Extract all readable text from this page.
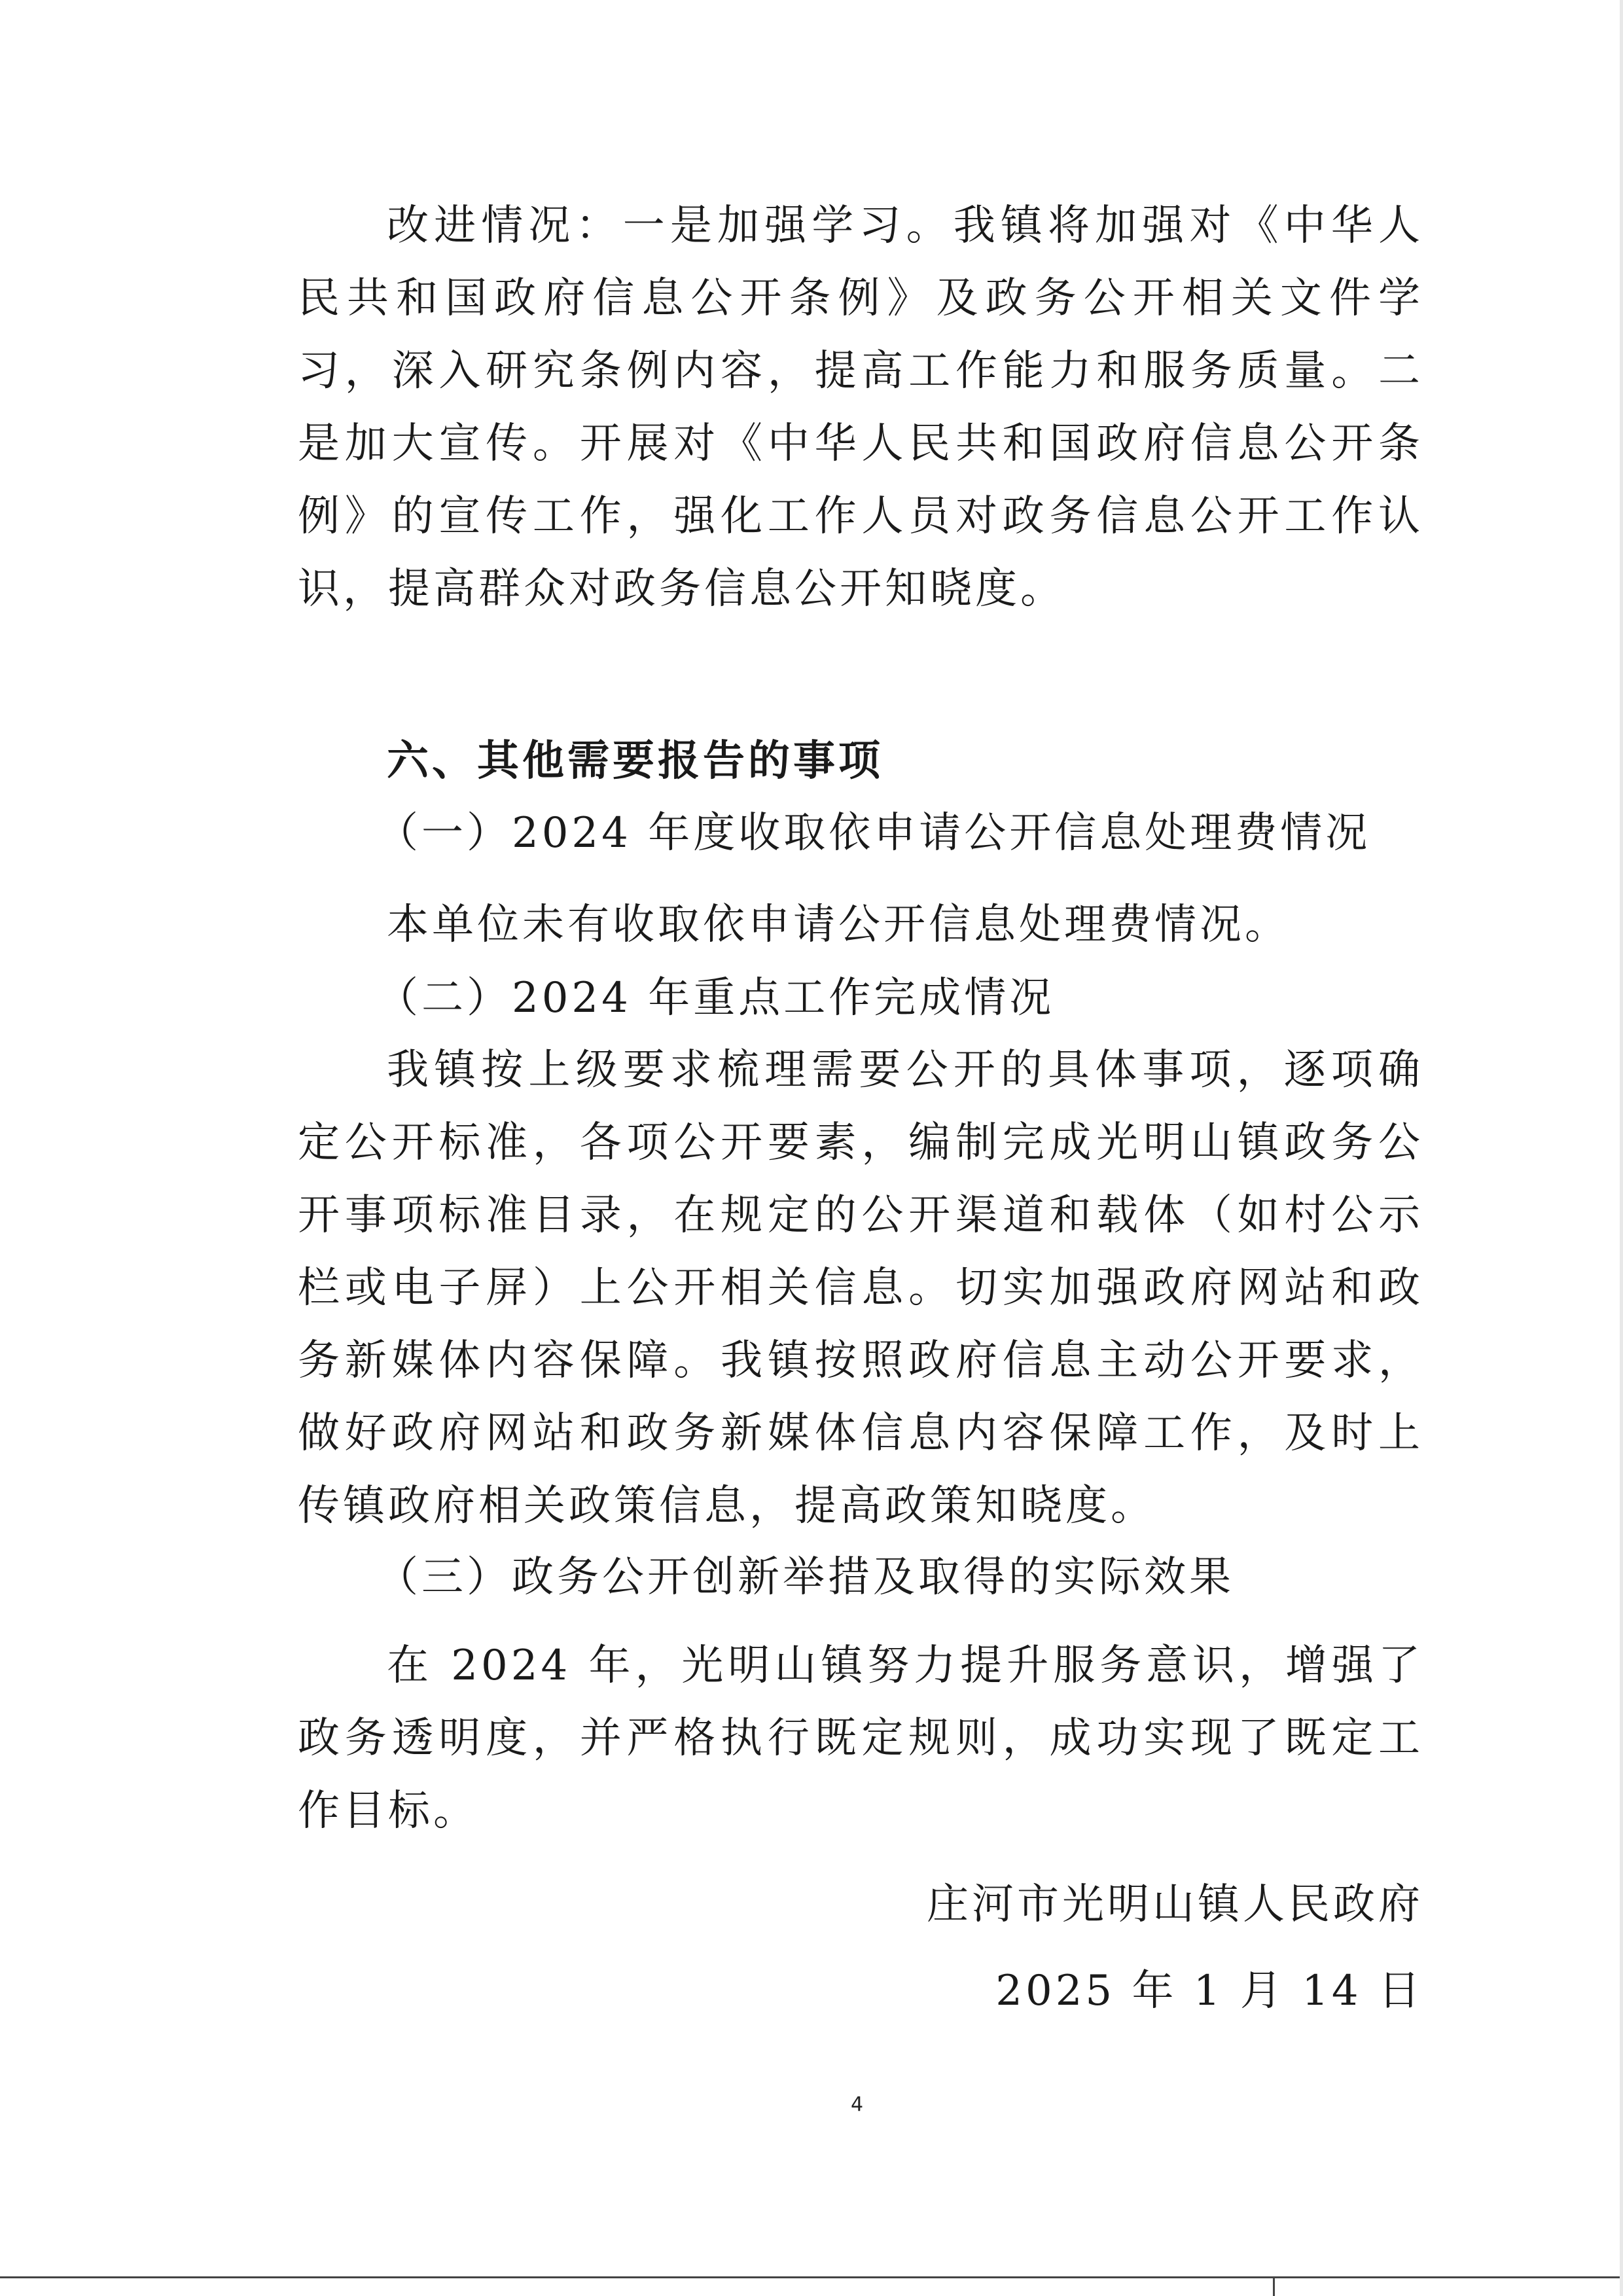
改进情况：一是加强学习。我镇将加强对《中华人民共和国政府信息公开条例》及政务公开相关文件学习，深入研究条例内容，提高工作能力和服务质量。二是加大宣传。开展对《中华人民共和国政府信息公开条例》的宣传工作，强化工作人员对政务信息公开工作认识，提高群众对政务信息公开知晓度。

六、其他需要报告的事项

（一）2024 年度收取依申请公开信息处理费情况

本单位未有收取依申请公开信息处理费情况。

（二）2024 年重点工作完成情况

我镇按上级要求梳理需要公开的具体事项，逐项确定公开标准，各项公开要素，编制完成光明山镇政务公开事项标准目录，在规定的公开渠道和载体（如村公示栏或电子屏）上公开相关信息。切实加强政府网站和政务新媒体内容保障。我镇按照政府信息主动公开要求，做好政府网站和政务新媒体信息内容保障工作，及时上传镇政府相关政策信息，提高政策知晓度。

（三）政务公开创新举措及取得的实际效果

在 2024 年，光明山镇努力提升服务意识，增强了政务透明度，并严格执行既定规则，成功实现了既定工作目标。

庄河市光明山镇人民政府
2025 年 1 月 14 日
4
